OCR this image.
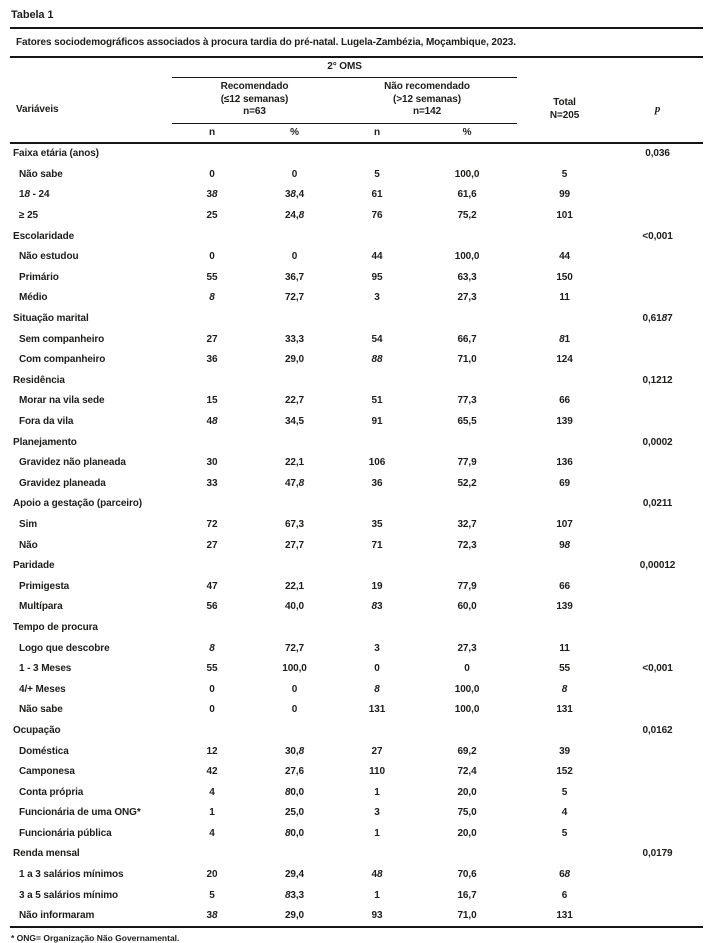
Tabela 1
Fatores sociodemográficos associados à procura tardia do pré-natal. Lugela-Zambézia, Moçambique, 2023.
	2° OMS					
Variáveis	Recomendado
(≤12 semanas)
n=63		Não recomendado
(>12 semanas)
n=142		Total
N=205	p
	n	%	n	%		
Faixa etária (anos)						0,036
Não sabe	0	0	5	100,0	5	
18 - 24	38	38,4	61	61,6	99	
≥ 25	25	24,8	76	75,2	101	
Escolaridade						<0,001
Não estudou	0	0	44	100,0	44	
Primário	55	36,7	95	63,3	150	
Médio	8	72,7	3	27,3	11	
Situação marital						0,6187
Sem companheiro	27	33,3	54	66,7	81	
Com companheiro	36	29,0	88	71,0	124	
Residência						0,1212
Morar na vila sede	15	22,7	51	77,3	66	
Fora da vila	48	34,5	91	65,5	139	
Planejamento						0,0002
Gravidez não planeada	30	22,1	106	77,9	136	
Gravidez planeada	33	47,8	36	52,2	69	
Apoio a gestação (parceiro)						0,0211
Sim	72	67,3	35	32,7	107	
Não	27	27,7	71	72,3	98	
Paridade						0,00012
Primigesta	47	22,1	19	77,9	66	
Multípara	56	40,0	83	60,0	139	
Tempo de procura						
Logo que descobre	8	72,7	3	27,3	11	
1 - 3 Meses	55	100,0	0	0	55	<0,001
4/+ Meses	0	0	8	100,0	8	
Não sabe	0	0	131	100,0	131	
Ocupação						0,0162
Doméstica	12	30,8	27	69,2	39	
Camponesa	42	27,6	110	72,4	152	
Conta própria	4	80,0	1	20,0	5	
Funcionária de uma ONG*	1	25,0	3	75,0	4	
Funcionária pública	4	80,0	1	20,0	5	
Renda mensal						0,0179
1 a 3 salários mínimos	20	29,4	48	70,6	68	
3 a 5 salários mínimo	5	83,3	1	16,7	6	
Não informaram	38	29,0	93	71,0	131	
* ONG= Organização Não Governamental.
